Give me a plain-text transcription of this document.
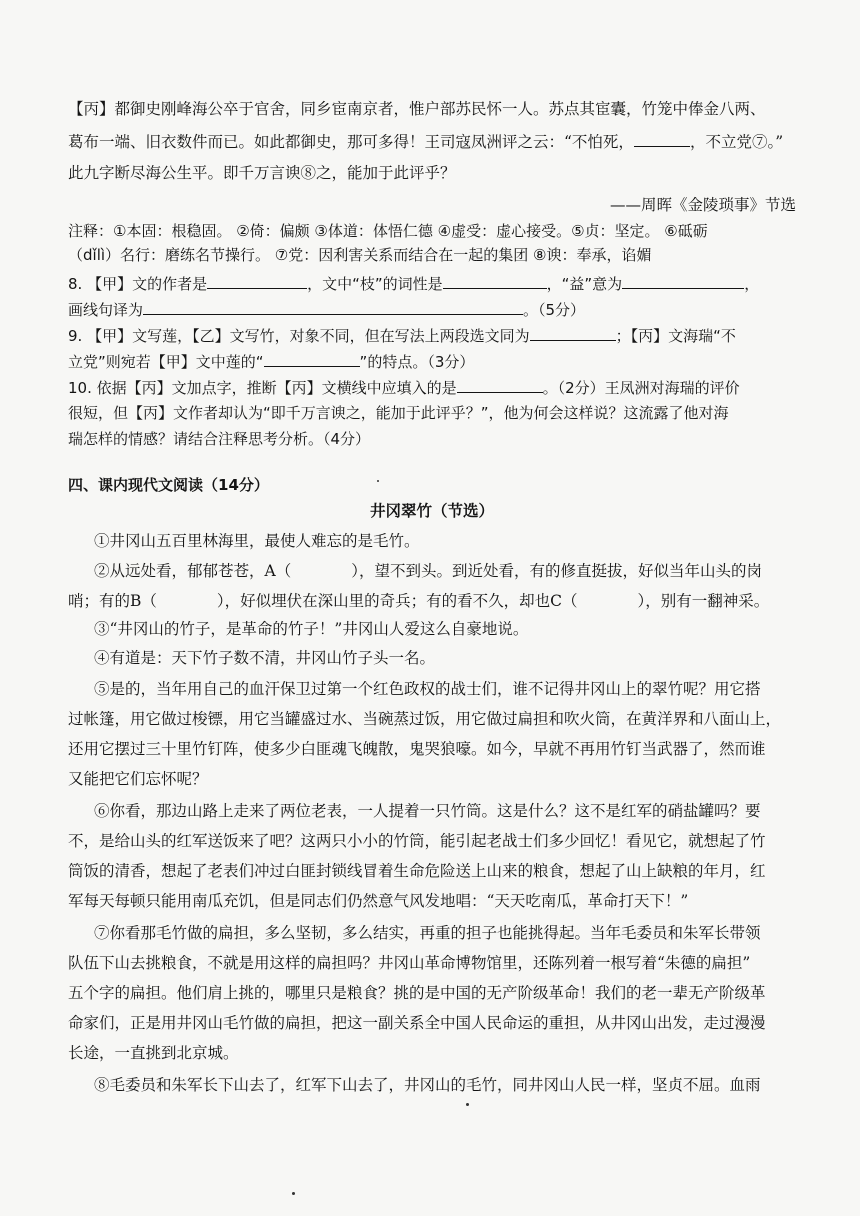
【丙】都御史刚峰海公卒于官舍，同乡宦南京者，惟户部苏民怀一人。苏点其宦囊，竹笼中俸金八两、
葛布一端、旧衣数件而已。如此都御史，那可多得！王司寇凤洲评之云：“不怕死，	，不立党⑦。”
此九字断尽海公生平。即千万言谀⑧之，能加于此评乎？
——周晖《金陵琐事》节选
注释：①本固：根稳固。 ②倚：偏颇 ③体道：体悟仁德 ④虚受：虚心接受。⑤贞：坚定。 ⑥砥砺
（dǐlì）名行：磨练名节操行。 ⑦党：因利害关系而结合在一起的集团 ⑧谀：奉承，谄媚
8. 【甲】文的作者是	，文中“枝”的词性是	，“益”意为	，
画线句译为	。（5分）
9. 【甲】文写莲，【乙】文写竹，对象不同，但在写法上两段选文同为	；【丙】文海瑞“不
立党”则宛若【甲】文中莲的“	”的特点。（3分）
10. 依据【丙】文加点字，推断【丙】文横线中应填入的是	。（2分）王凤洲对海瑞的评价
很短，但【丙】文作者却认为“即千万言谀之，能加于此评乎？”，他为何会这样说？这流露了他对海
瑞怎样的情感？请结合注释思考分析。（4分）
四、课内现代文阅读（14分）
井冈翠竹（节选）
①井冈山五百里林海里，最使人难忘的是毛竹。
②从远处看，郁郁苍苍，A（	），望不到头。到近处看，有的修直挺拔，好似当年山头的岗
哨；有的B（	），好似埋伏在深山里的奇兵；有的看不久，却也C（	），别有一翻神采。
③“井冈山的竹子，是革命的竹子！”井冈山人爱这么自豪地说。
④有道是：天下竹子数不清，井冈山竹子头一名。
⑤是的，当年用自己的血汗保卫过第一个红色政权的战士们，谁不记得井冈山上的翠竹呢？用它搭
过帐篷，用它做过梭镖，用它当罐盛过水、当碗蒸过饭，用它做过扁担和吹火筒，在黄洋界和八面山上，
还用它摆过三十里竹钉阵，使多少白匪魂飞魄散，鬼哭狼嚎。如今，早就不再用竹钉当武器了，然而谁
又能把它们忘怀呢？
⑥你看，那边山路上走来了两位老表，一人提着一只竹筒。这是什么？这不是红军的硝盐罐吗？要
不，是给山头的红军送饭来了吧？这两只小小的竹筒，能引起老战士们多少回忆！看见它，就想起了竹
筒饭的清香，想起了老表们冲过白匪封锁线冒着生命危险送上山来的粮食，想起了山上缺粮的年月，红
军每天每顿只能用南瓜充饥，但是同志们仍然意气风发地唱：“天天吃南瓜，革命打天下！”
⑦你看那毛竹做的扁担，多么坚韧，多么结实，再重的担子也能挑得起。当年毛委员和朱军长带领
队伍下山去挑粮食，不就是用这样的扁担吗？井冈山革命博物馆里，还陈列着一根写着“朱德的扁担”
五个字的扁担。他们肩上挑的，哪里只是粮食？挑的是中国的无产阶级革命！我们的老一辈无产阶级革
命家们，正是用井冈山毛竹做的扁担，把这一副关系全中国人民命运的重担，从井冈山出发，走过漫漫
长途，一直挑到北京城。
⑧毛委员和朱军长下山去了，红军下山去了，井冈山的毛竹，同井冈山人民一样，坚贞不屈。血雨
